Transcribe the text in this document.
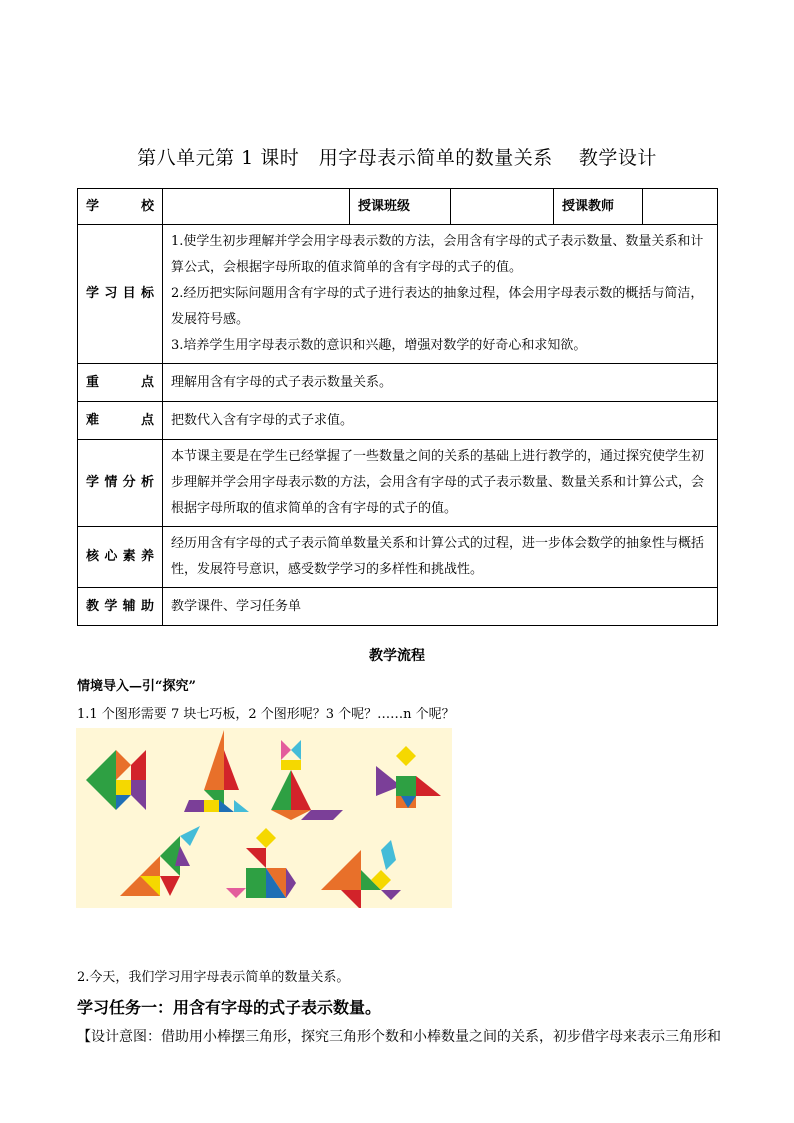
第八单元第 1 课时　用字母表示简单的数量关系　 教学设计
学　　校		授课班级		授课教师	
学习目标	1.使学生初步理解并学会用字母表示数的方法，会用含有字母的式子表示数量、数量关系和计算公式，会根据字母所取的值求简单的含有字母的式子的值。

2.经历把实际问题用含有字母的式子进行表达的抽象过程，体会用字母表示数的概括与简洁，发展符号感。

3.培养学生用字母表示数的意识和兴趣，增强对数学的好奇心和求知欲。				

重　　点	理解用含有字母的式子表示数量关系。				
难　　点	把数代入含有字母的式子求值。				
学情分析	本节课主要是在学生已经掌握了一些数量之间的关系的基础上进行教学的，通过探究使学生初步理解并学会用字母表示数的方法，会用含有字母的式子表示数量、数量关系和计算公式，会根据字母所取的值求简单的含有字母的式子的值。				
核心素养	经历用含有字母的式子表示简单数量关系和计算公式的过程，进一步体会数学的抽象性与概括性，发展符号意识，感受数学学习的多样性和挑战性。				
教学辅助	教学课件、学习任务单				
教学流程
情境导入—引“探究”
1.1 个图形需要 7 块七巧板，2 个图形呢？3 个呢？……n 个呢？
2.今天，我们学习用字母表示简单的数量关系。
学习任务一：用含有字母的式子表示数量。
【设计意图：借助用小棒摆三角形，探究三角形个数和小棒数量之间的关系，初步借字母来表示三角形和
